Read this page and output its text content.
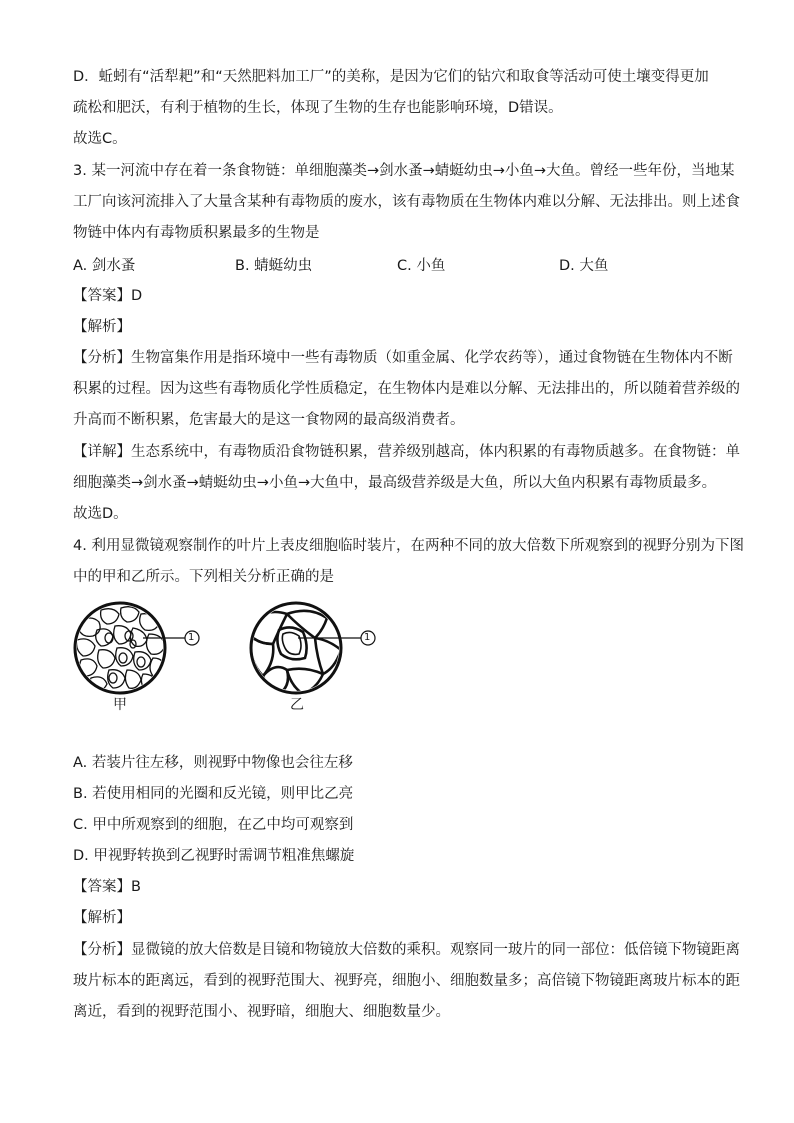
D．蚯蚓有“活犁耙”和“天然肥料加工厂”的美称，是因为它们的钻穴和取食等活动可使土壤变得更加
疏松和肥沃，有利于植物的生长，体现了生物的生存也能影响环境，D错误。
故选C。
3. 某一河流中存在着一条食物链：单细胞藻类→剑水蚤→蜻蜓幼虫→小鱼→大鱼。曾经一些年份，当地某
工厂向该河流排入了大量含某种有毒物质的废水，该有毒物质在生物体内难以分解、无法排出。则上述食
物链中体内有毒物质积累最多的生物是
A. 剑水蚤	B. 蜻蜓幼虫	C. 小鱼	D. 大鱼
【答案】D
【解析】
【分析】生物富集作用是指环境中一些有毒物质（如重金属、化学农药等），通过食物链在生物体内不断
积累的过程。因为这些有毒物质化学性质稳定，在生物体内是难以分解、无法排出的，所以随着营养级的
升高而不断积累，危害最大的是这一食物网的最高级消费者。
【详解】生态系统中，有毒物质沿食物链积累，营养级别越高，体内积累的有毒物质越多。在食物链：单
细胞藻类→剑水蚤→蜻蜓幼虫→小鱼→大鱼中，最高级营养级是大鱼，所以大鱼内积累有毒物质最多。
故选D。
4. 利用显微镜观察制作的叶片上表皮细胞临时装片，在两种不同的放大倍数下所观察到的视野分别为下图
中的甲和乙所示。下列相关分析正确的是
1	1
甲	乙
A. 若装片往左移，则视野中物像也会往左移
B. 若使用相同的光圈和反光镜，则甲比乙亮
C. 甲中所观察到的细胞，在乙中均可观察到
D. 甲视野转换到乙视野时需调节粗准焦螺旋
【答案】B
【解析】
【分析】显微镜的放大倍数是目镜和物镜放大倍数的乘积。观察同一玻片的同一部位：低倍镜下物镜距离
玻片标本的距离远，看到的视野范围大、视野亮，细胞小、细胞数量多；高倍镜下物镜距离玻片标本的距
离近，看到的视野范围小、视野暗，细胞大、细胞数量少。
